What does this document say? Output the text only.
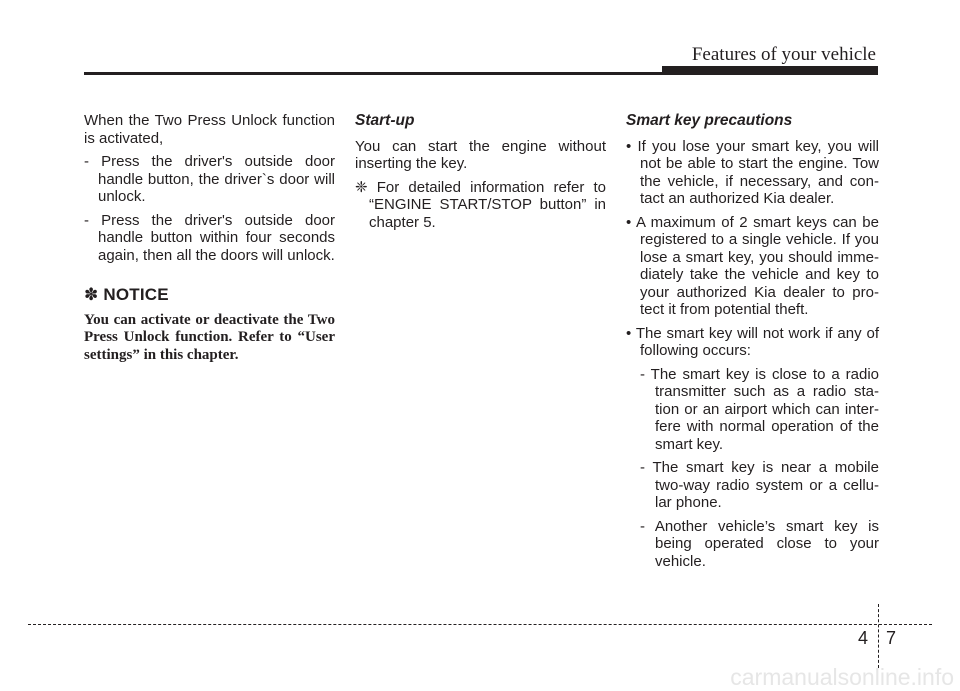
Features of your vehicle

When the Two Press Unlock function is activated,

- Press the driver's outside door handle button, the driver`s door will unlock.

- Press the driver's outside door handle button within four seconds again, then all the doors will unlock.

✽ NOTICE
You can activate or deactivate the Two Press Unlock function. Refer to “User settings” in this chapter.

Start-up

You can start the engine without inserting the key.

❈ For detailed information refer to “ENGINE START/STOP button” in chapter 5.

Smart key precautions

• If you lose your smart key, you will not be able to start the engine. Tow the vehicle, if necessary, and con-tact an authorized Kia dealer.

• A maximum of 2 smart keys can be registered to a single vehicle. If you lose a smart key, you should imme-diately take the vehicle and key to your authorized Kia dealer to pro-tect it from potential theft.

• The smart key will not work if any of following occurs:

- The smart key is close to a radio transmitter such as a radio sta-tion or an airport which can inter-fere with normal operation of the smart key.

- The smart key is near a mobile two-way radio system or a cellu-lar phone.

- Another vehicle’s smart key is being operated close to your vehicle.

4 7
carmanualsonline.info
